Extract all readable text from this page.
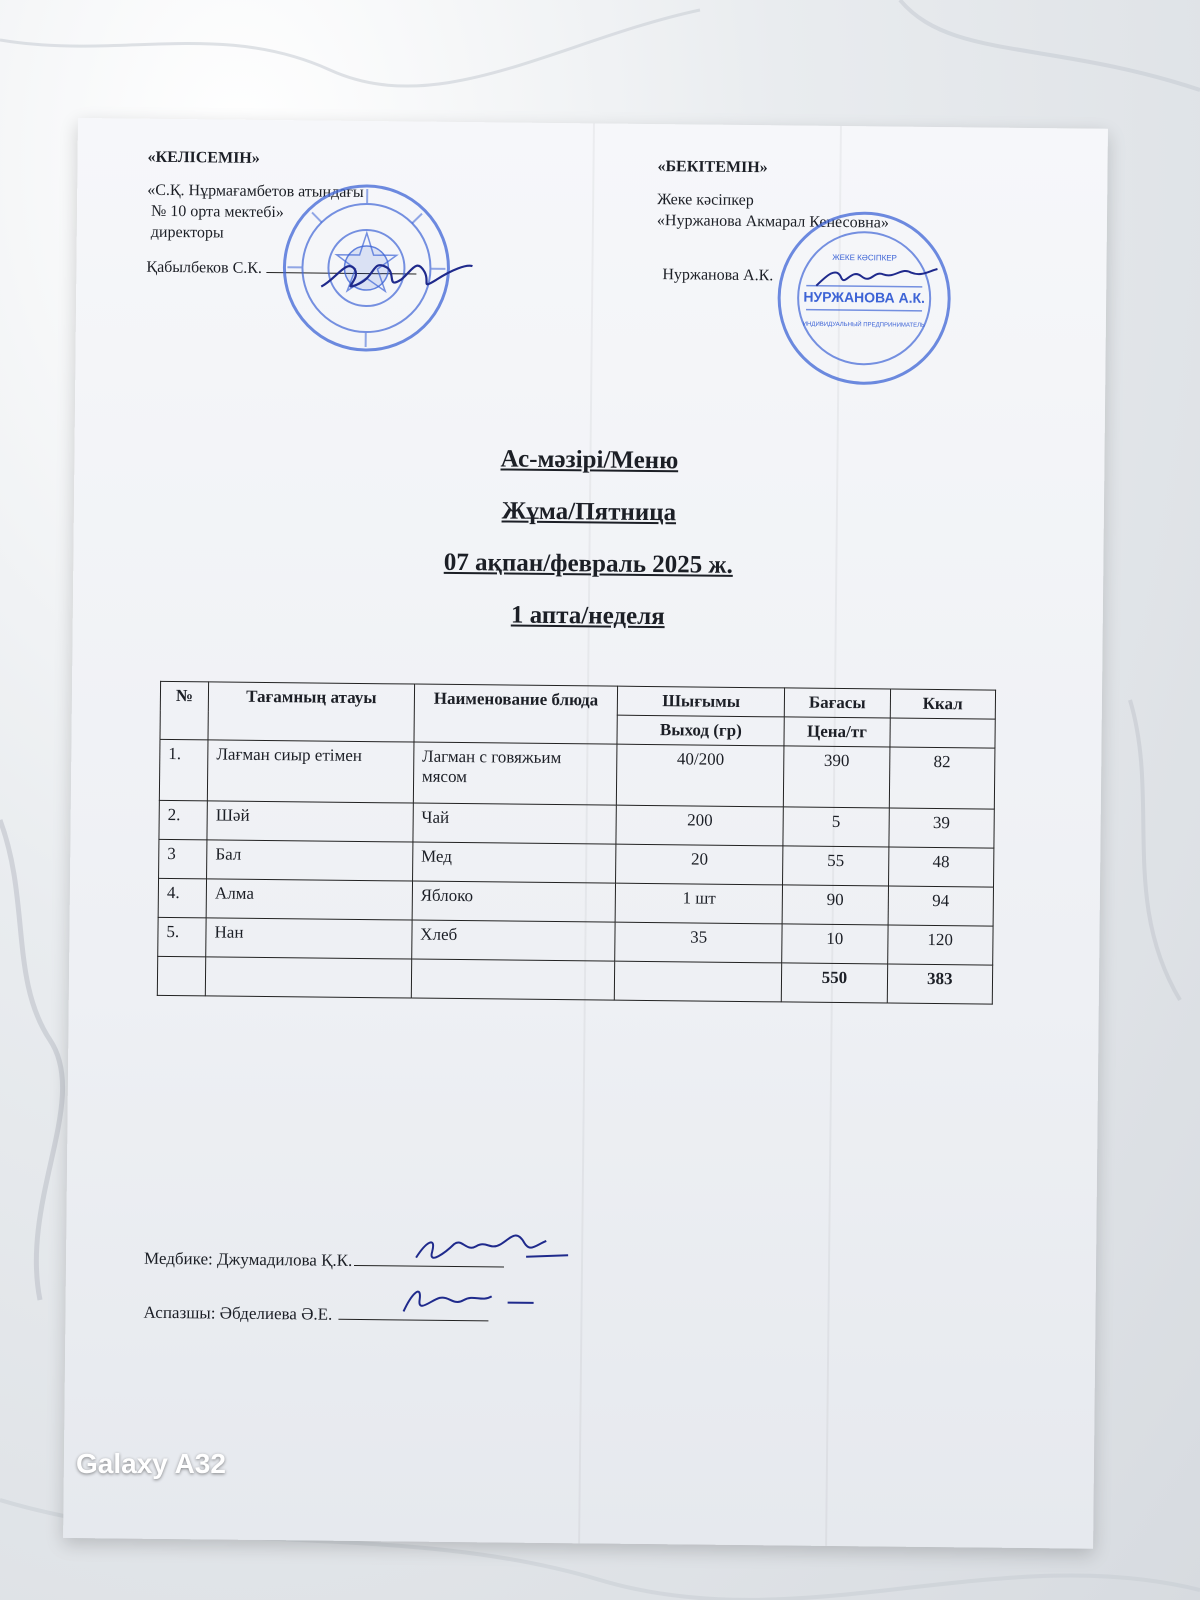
«КЕЛІСЕМІН»
«С.Қ. Нұрмағамбетов атындағы
№ 10 орта мектебі»
директоры
Қабылбеков С.К.
«БЕКІТЕМІН»
Жеке кәсіпкер
«Нуржанова Акмарал Кенесовна»
Нуржанова А.К.
ЖЕКЕ КӘСІПКЕР
НУРЖАНОВА А.К.
ИНДИВИДУАЛЬНЫЙ ПРЕДПРИНИМАТЕЛЬ
Ас-мәзірі/Меню
Жұма/Пятница
07 ақпан/февраль 2025 ж.
1 апта/неделя
№	Тағамның атауы	Наименование блюда	Шығымы	Бағасы	Ккал
			Выход (гр)	Цена/тг	
1.	Лағман сиыр етімен	Лагман с говяжьим мясом	40/200	390	82
2.	Шәй	Чай	200	5	39
3	Бал	Мед	20	55	48
4.	Алма	Яблоко	1 шт	90	94
5.	Нан	Хлеб	35	10	120
				550	383
Медбике: Джумадилова Қ.К.
Аспазшы: Әбделиева Ә.Е.
Galaxy A32
